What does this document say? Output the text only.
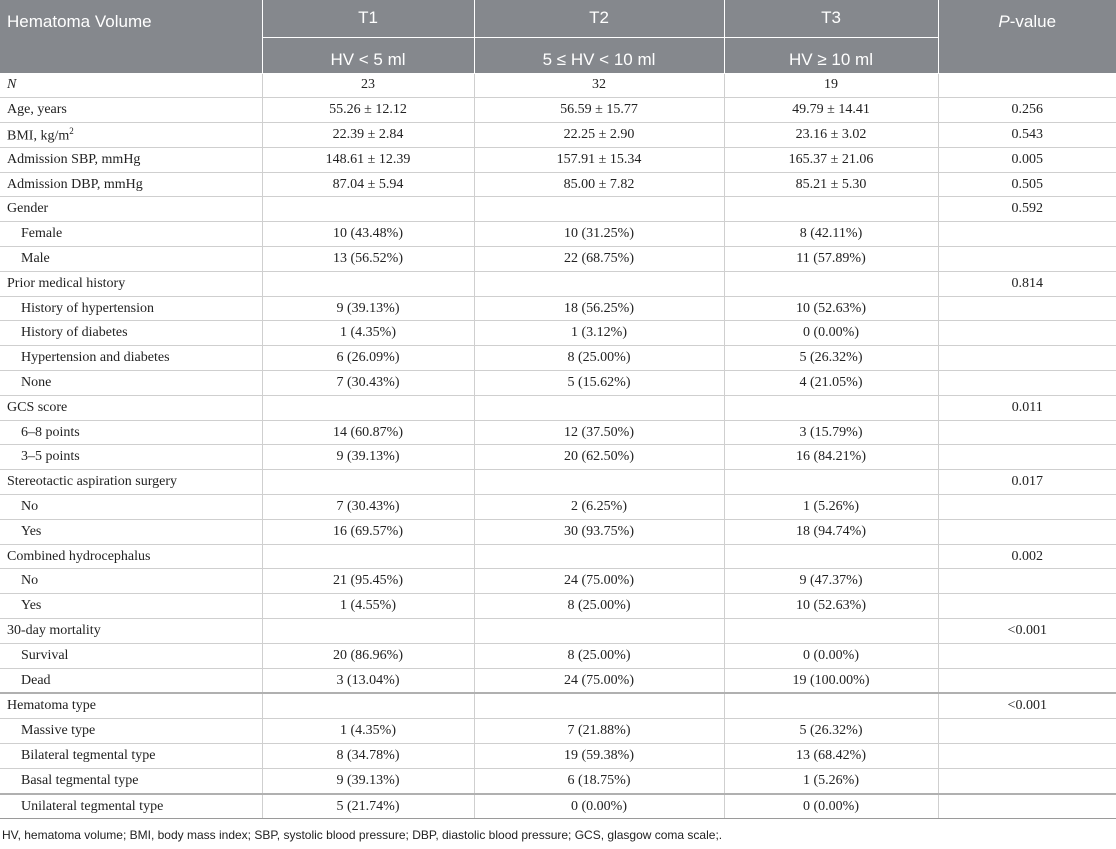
Hematoma Volume	T1	T2	T3	P-value
	HV < 5 ml	5 ≤ HV < 10 ml	HV ≥ 10 ml	
N	23	32	19	
Age, years	55.26 ± 12.12	56.59 ± 15.77	49.79 ± 14.41	0.256
BMI, $kg/m^2$	22.39 ± 2.84	22.25 ± 2.90	23.16 ± 3.02	0.543
Admission SBP, mmHg	148.61 ± 12.39	157.91 ± 15.34	165.37 ± 21.06	0.005
Admission DBP, mmHg	87.04 ± 5.94	85.00 ± 7.82	85.21 ± 5.30	0.505
Gender				0.592
Female	10 (43.48%)	10 (31.25%)	8 (42.11%)	
Male	13 (56.52%)	22 (68.75%)	11 (57.89%)	
Prior medical history				0.814
History of hypertension	9 (39.13%)	18 (56.25%)	10 (52.63%)	
History of diabetes	1 (4.35%)	1 (3.12%)	0 (0.00%)	
Hypertension and diabetes	6 (26.09%)	8 (25.00%)	5 (26.32%)	
None	7 (30.43%)	5 (15.62%)	4 (21.05%)	
GCS score				0.011
6–8 points	14 (60.87%)	12 (37.50%)	3 (15.79%)	
3–5 points	9 (39.13%)	20 (62.50%)	16 (84.21%)	
Stereotactic aspiration surgery				0.017
No	7 (30.43%)	2 (6.25%)	1 (5.26%)	
Yes	16 (69.57%)	30 (93.75%)	18 (94.74%)	
Combined hydrocephalus				0.002
No	21 (95.45%)	24 (75.00%)	9 (47.37%)	
Yes	1 (4.55%)	8 (25.00%)	10 (52.63%)	
30-day mortality				<0.001
Survival	20 (86.96%)	8 (25.00%)	0 (0.00%)	
Dead	3 (13.04%)	24 (75.00%)	19 (100.00%)	
Hematoma type				<0.001
Massive type	1 (4.35%)	7 (21.88%)	5 (26.32%)	
Bilateral tegmental type	8 (34.78%)	19 (59.38%)	13 (68.42%)	
Basal tegmental type	9 (39.13%)	6 (18.75%)	1 (5.26%)	
Unilateral tegmental type	5 (21.74%)	0 (0.00%)	0 (0.00%)	
HV, hematoma volume; BMI, body mass index; SBP, systolic blood pressure; DBP, diastolic blood pressure; GCS, glasgow coma scale;.
